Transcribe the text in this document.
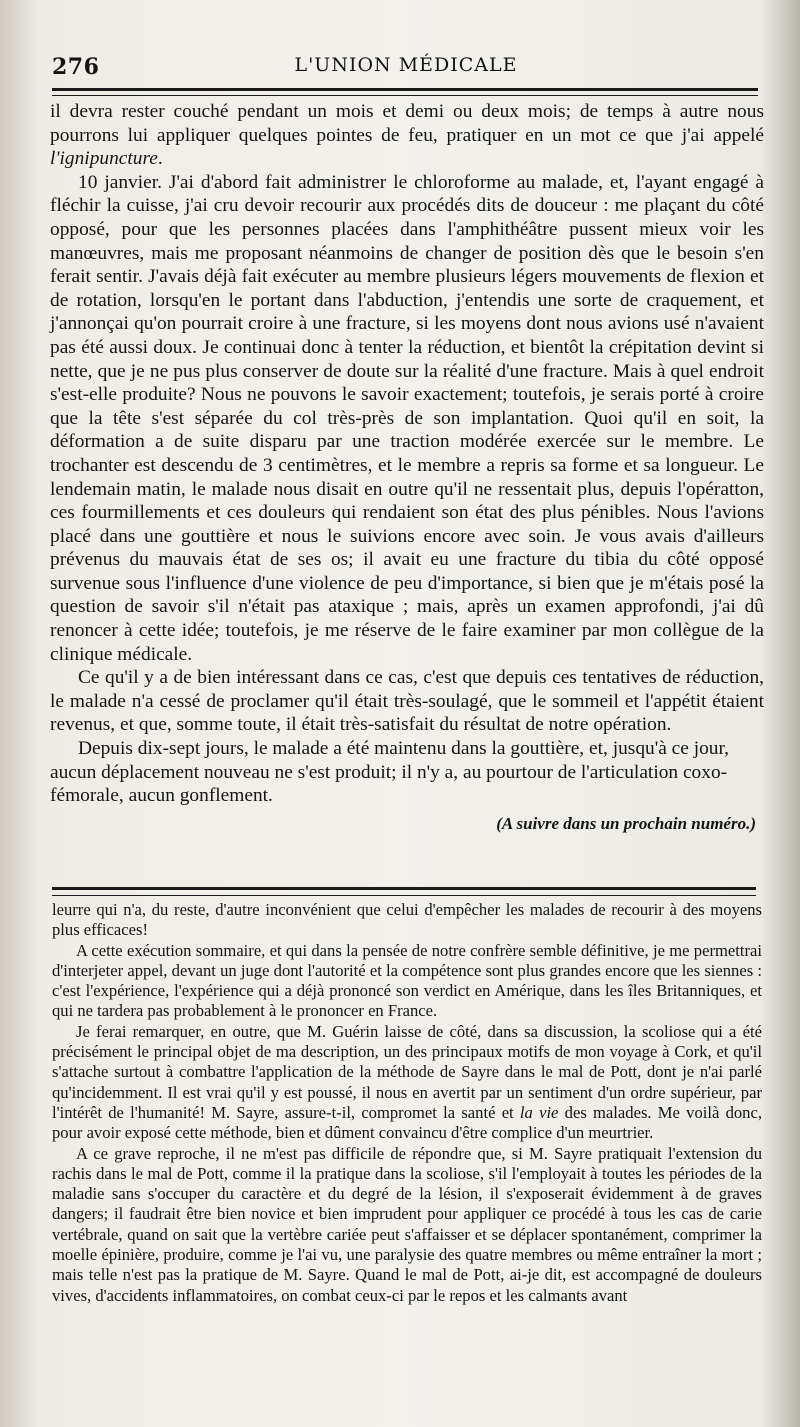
276	L'UNION MÉDICALE

il devra rester couché pendant un mois et demi ou deux mois; de temps à autre nous pourrons lui appliquer quelques pointes de feu, pratiquer en un mot ce que j'ai appelé l'ignipuncture.

10 janvier. J'ai d'abord fait administrer le chloroforme au malade, et, l'ayant engagé à fléchir la cuisse, j'ai cru devoir recourir aux procédés dits de douceur : me plaçant du côté opposé, pour que les personnes placées dans l'amphithéâtre pussent mieux voir les manœuvres, mais me proposant néanmoins de changer de position dès que le besoin s'en ferait sentir. J'avais déjà fait exécuter au membre plusieurs légers mouvements de flexion et de rotation, lorsqu'en le portant dans l'abduction, j'entendis une sorte de craquement, et j'annonçai qu'on pourrait croire à une fracture, si les moyens dont nous avions usé n'avaient pas été aussi doux. Je continuai donc à tenter la réduction, et bientôt la crépitation devint si nette, que je ne pus plus conserver de doute sur la réalité d'une fracture. Mais à quel endroit s'est-elle produite? Nous ne pouvons le savoir exactement; toutefois, je serais porté à croire que la tête s'est séparée du col très-près de son implantation. Quoi qu'il en soit, la déformation a de suite disparu par une traction modérée exercée sur le membre. Le trochanter est descendu de 3 centimètres, et le membre a repris sa forme et sa longueur. Le lendemain matin, le malade nous disait en outre qu'il ne ressentait plus, depuis l'opératton, ces fourmillements et ces douleurs qui rendaient son état des plus pénibles. Nous l'avions placé dans une gouttière et nous le suivions encore avec soin. Je vous avais d'ailleurs prévenus du mauvais état de ses os; il avait eu une fracture du tibia du côté opposé survenue sous l'influence d'une violence de peu d'importance, si bien que je m'étais posé la question de savoir s'il n'était pas ataxique ; mais, après un examen approfondi, j'ai dû renoncer à cette idée; toutefois, je me réserve de le faire examiner par mon collègue de la clinique médicale.

Ce qu'il y a de bien intéressant dans ce cas, c'est que depuis ces tentatives de réduction, le malade n'a cessé de proclamer qu'il était très-soulagé, que le sommeil et l'appétit étaient revenus, et que, somme toute, il était très-satisfait du résultat de notre opération.

Depuis dix-sept jours, le malade a été maintenu dans la gouttière, et, jusqu'à ce jour, aucun déplacement nouveau ne s'est produit; il n'y a, au pourtour de l'articulation coxo-fémorale, aucun gonflement.

(A suivre dans un prochain numéro.)

leurre qui n'a, du reste, d'autre inconvénient que celui d'empêcher les malades de recourir à des moyens plus efficaces!

A cette exécution sommaire, et qui dans la pensée de notre confrère semble définitive, je me permettrai d'interjeter appel, devant un juge dont l'autorité et la compétence sont plus grandes encore que les siennes : c'est l'expérience, l'expérience qui a déjà prononcé son verdict en Amérique, dans les îles Britanniques, et qui ne tardera pas probablement à le prononcer en France.

Je ferai remarquer, en outre, que M. Guérin laisse de côté, dans sa discussion, la scoliose qui a été précisément le principal objet de ma description, un des principaux motifs de mon voyage à Cork, et qu'il s'attache surtout à combattre l'application de la méthode de Sayre dans le mal de Pott, dont je n'ai parlé qu'incidemment. Il est vrai qu'il y est poussé, il nous en avertit par un sentiment d'un ordre supérieur, par l'intérêt de l'humanité! M. Sayre, assure-t-il, compromet la santé et la vie des malades. Me voilà donc, pour avoir exposé cette méthode, bien et dûment convaincu d'être complice d'un meurtrier.

A ce grave reproche, il ne m'est pas difficile de répondre que, si M. Sayre pratiquait l'extension du rachis dans le mal de Pott, comme il la pratique dans la scoliose, s'il l'employait à toutes les périodes de la maladie sans s'occuper du caractère et du degré de la lésion, il s'exposerait évidemment à de graves dangers; il faudrait être bien novice et bien imprudent pour appliquer ce procédé à tous les cas de carie vertébrale, quand on sait que la vertèbre cariée peut s'affaisser et se déplacer spontanément, comprimer la moelle épinière, produire, comme je l'ai vu, une paralysie des quatre membres ou même entraîner la mort ; mais telle n'est pas la pratique de M. Sayre. Quand le mal de Pott, ai-je dit, est accompagné de douleurs vives, d'accidents inflammatoires, on combat ceux-ci par le repos et les calmants avant
